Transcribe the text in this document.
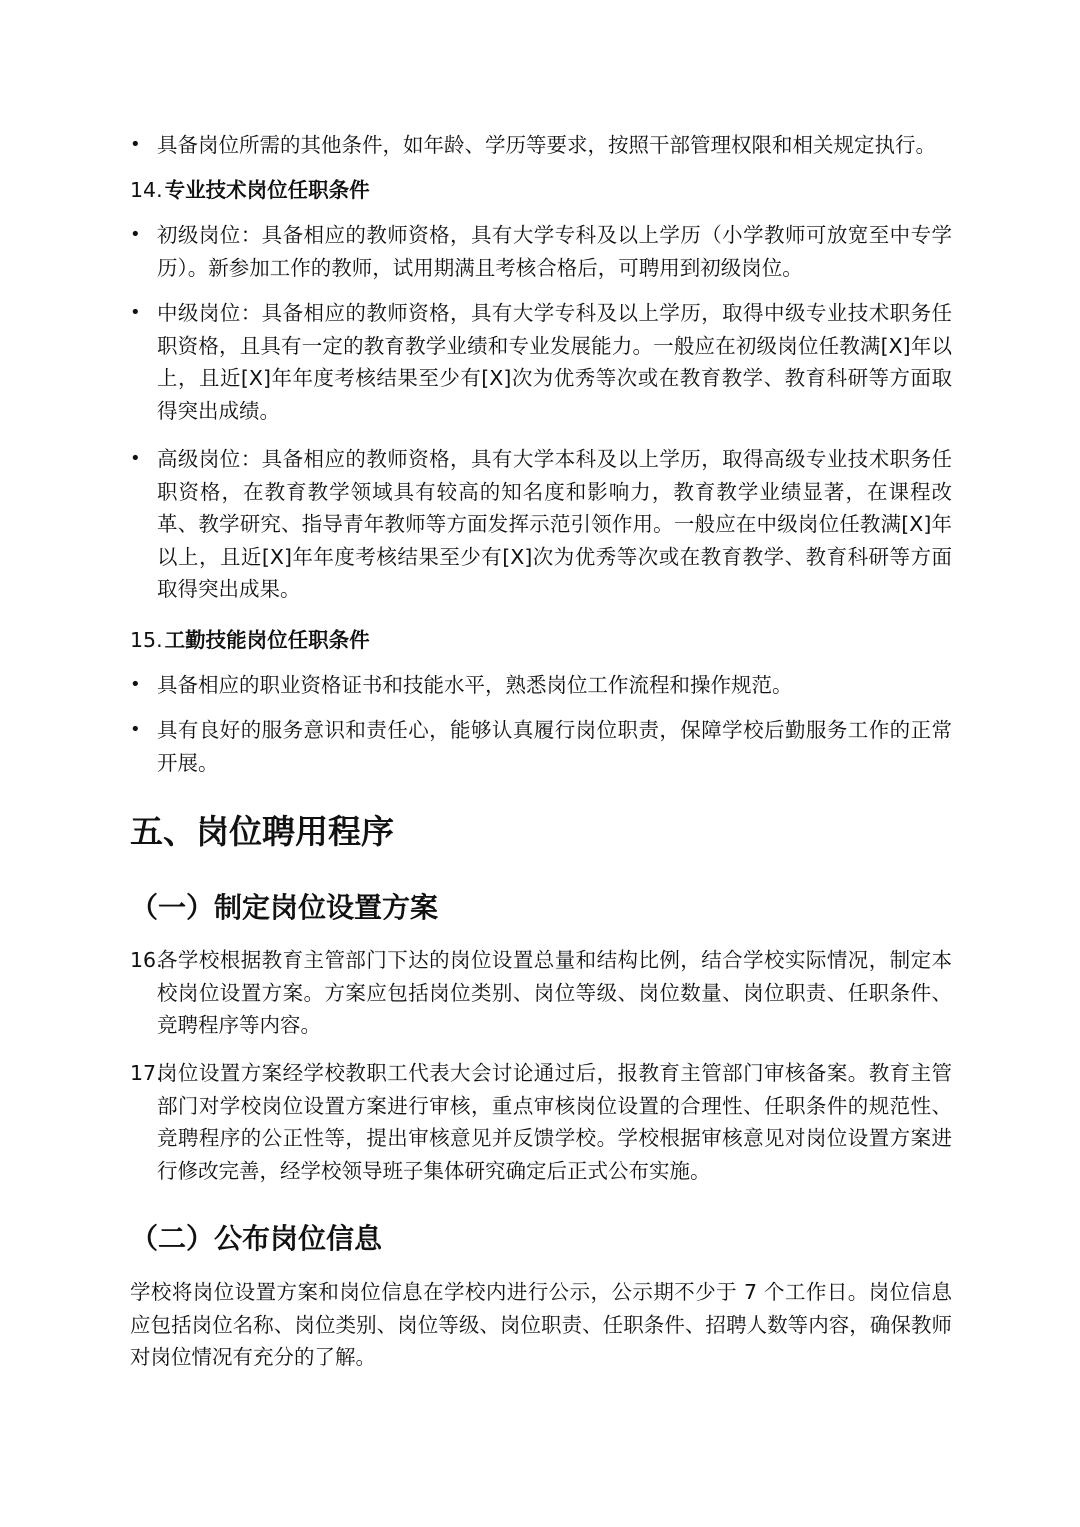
• 具备岗位所需的其他条件，如年龄、学历等要求，按照干部管理权限和相关规定执行。
14.专业技术岗位任职条件
• 初级岗位：具备相应的教师资格，具有大学专科及以上学历（小学教师可放宽至中专学历）。新参加工作的教师，试用期满且考核合格后，可聘用到初级岗位。
• 中级岗位：具备相应的教师资格，具有大学专科及以上学历，取得中级专业技术职务任职资格，且具有一定的教育教学业绩和专业发展能力。一般应在初级岗位任教满[X]年以上，且近[X]年年度考核结果至少有[X]次为优秀等次或在教育教学、教育科研等方面取得突出成绩。
• 高级岗位：具备相应的教师资格，具有大学本科及以上学历，取得高级专业技术职务任职资格，在教育教学领域具有较高的知名度和影响力，教育教学业绩显著，在课程改革、教学研究、指导青年教师等方面发挥示范引领作用。一般应在中级岗位任教满[X]年以上，且近[X]年年度考核结果至少有[X]次为优秀等次或在教育教学、教育科研等方面取得突出成果。
15.工勤技能岗位任职条件
• 具备相应的职业资格证书和技能水平，熟悉岗位工作流程和操作规范。
• 具有良好的服务意识和责任心，能够认真履行岗位职责，保障学校后勤服务工作的正常开展。
五、岗位聘用程序
（一）制定岗位设置方案
16.
各学校根据教育主管部门下达的岗位设置总量和结构比例，结合学校实际情况，制定本校岗位设置方案。方案应包括岗位类别、岗位等级、岗位数量、岗位职责、任职条件、竞聘程序等内容。
17.
岗位设置方案经学校教职工代表大会讨论通过后，报教育主管部门审核备案。教育主管部门对学校岗位设置方案进行审核，重点审核岗位设置的合理性、任职条件的规范性、竞聘程序的公正性等，提出审核意见并反馈学校。学校根据审核意见对岗位设置方案进行修改完善，经学校领导班子集体研究确定后正式公布实施。
（二）公布岗位信息
学校将岗位设置方案和岗位信息在学校内进行公示，公示期不少于 7 个工作日。岗位信息应包括岗位名称、岗位类别、岗位等级、岗位职责、任职条件、招聘人数等内容，确保教师对岗位情况有充分的了解。
